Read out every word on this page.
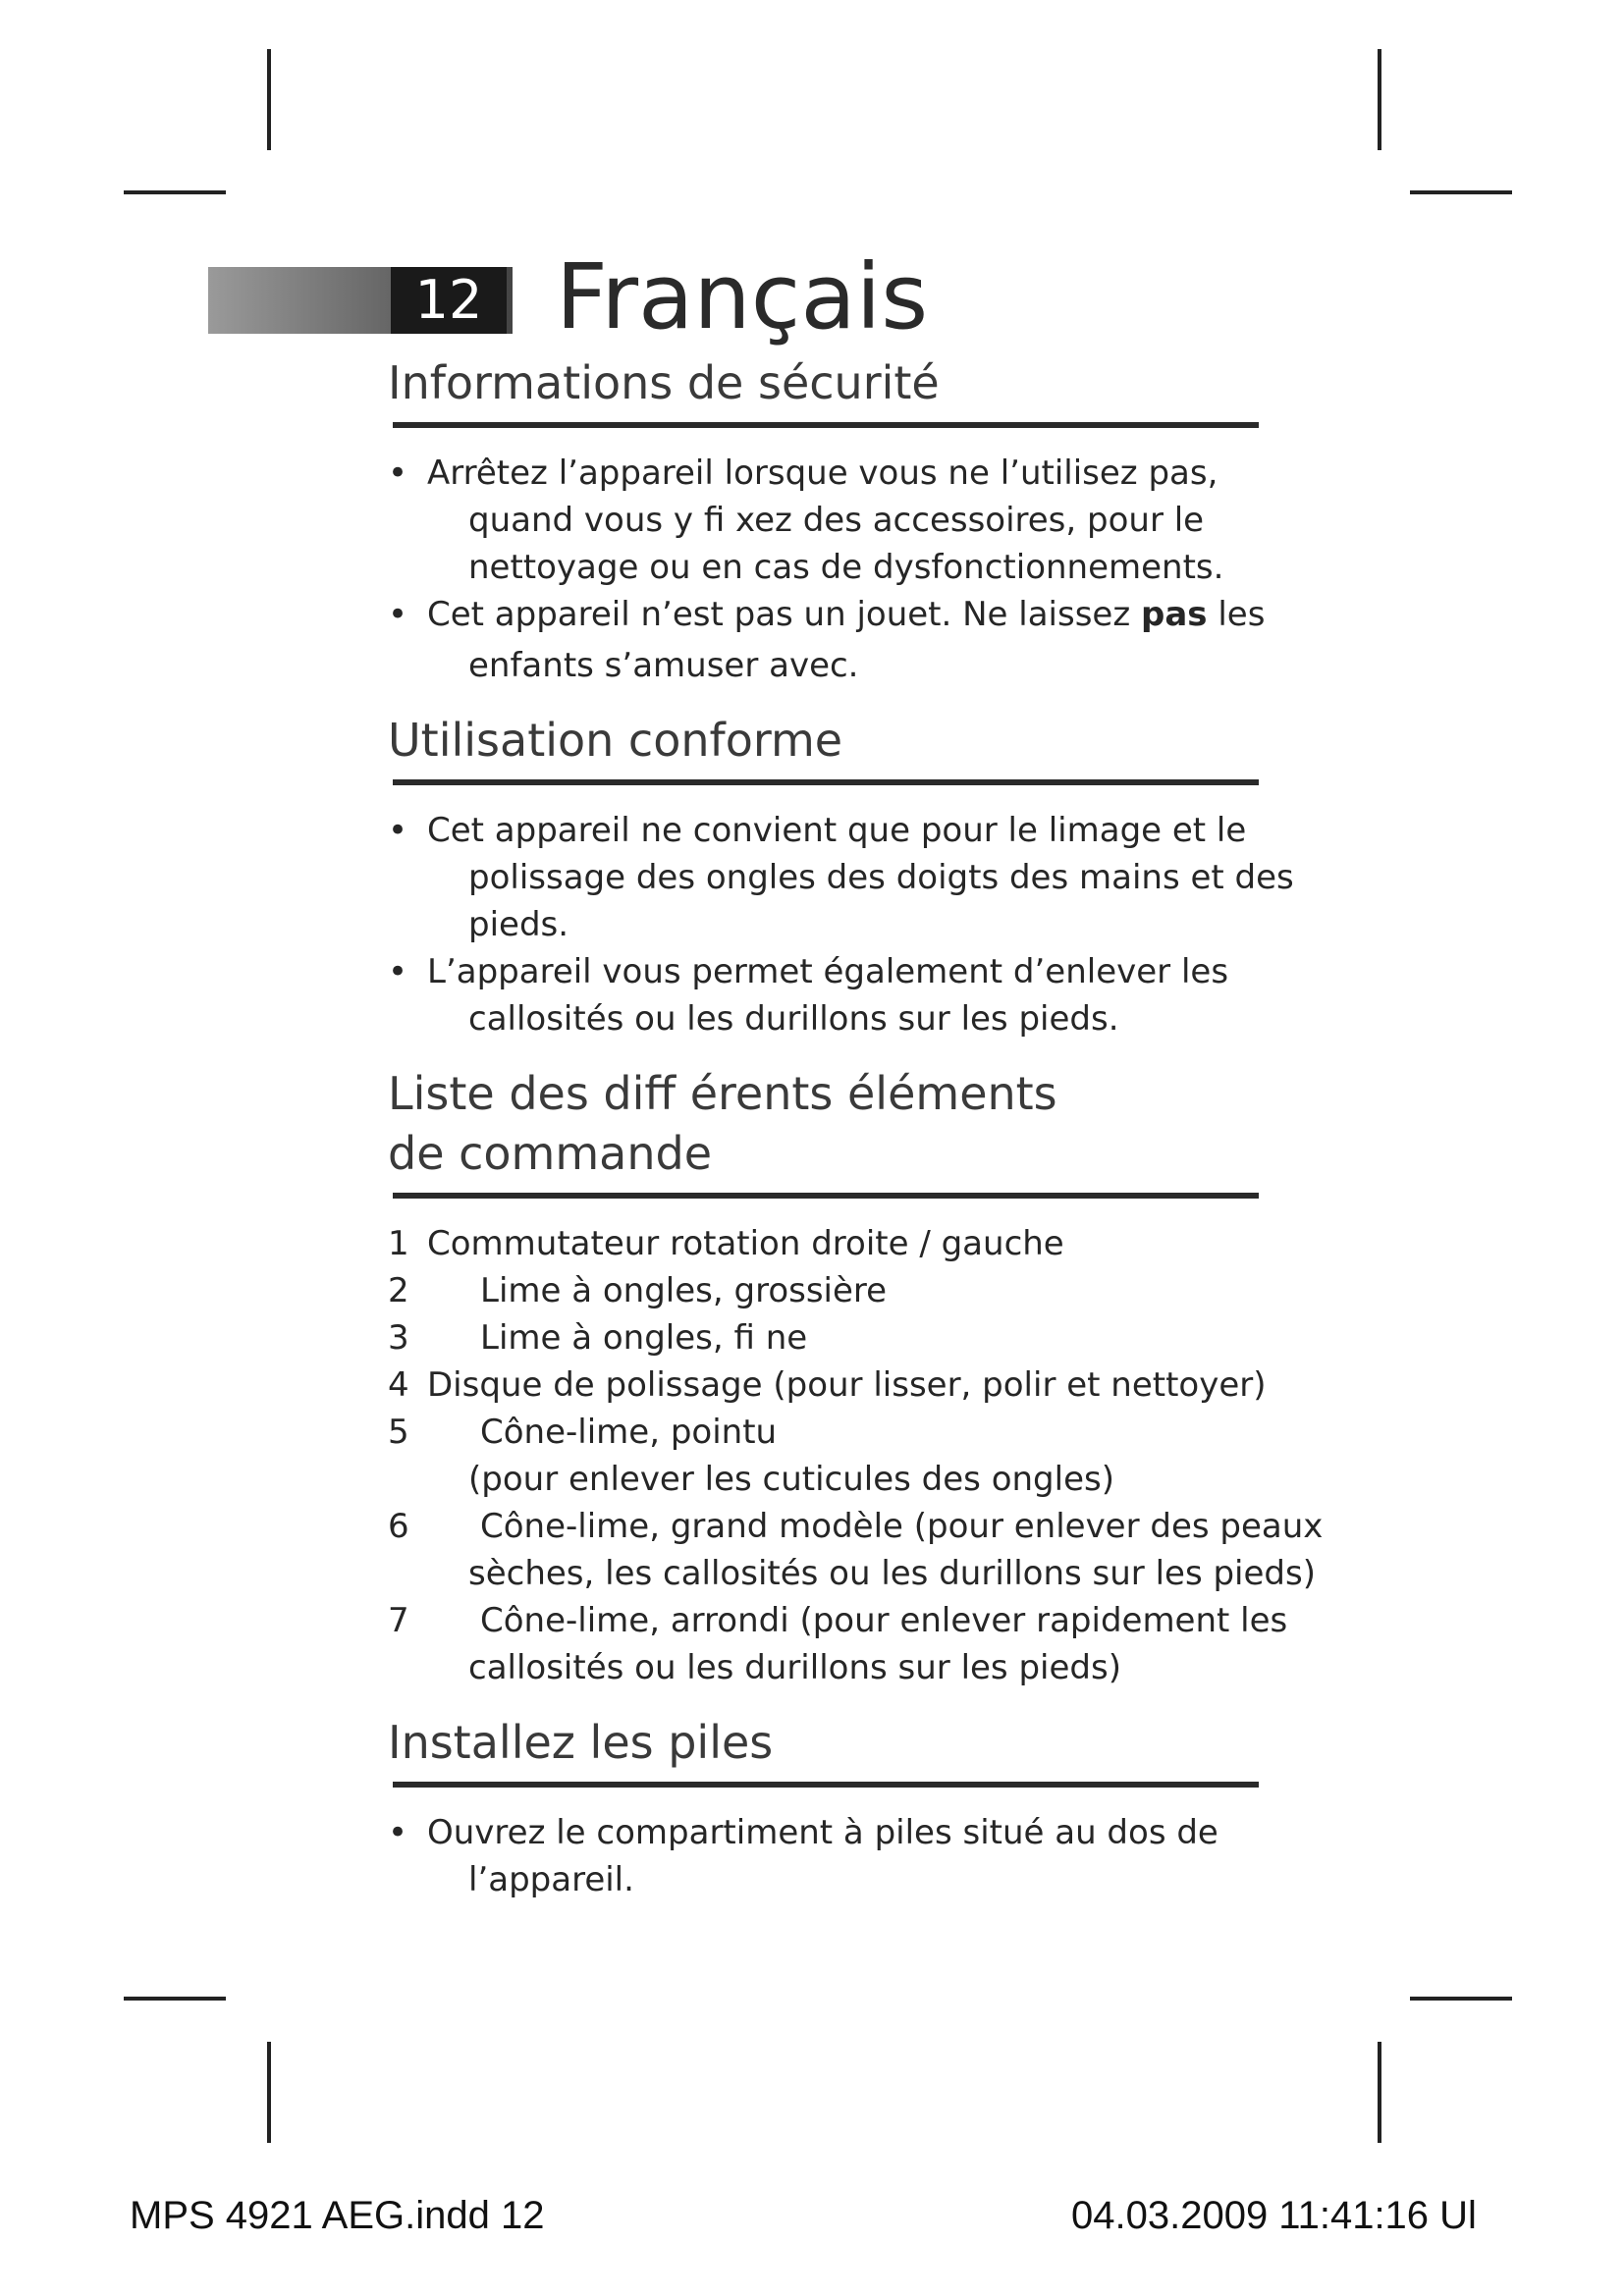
12 Français
Informations de sécurité
• Arrêtez l’appareil lorsque vous ne l’utilisez pas,
quand vous y fi xez des accessoires, pour le
nettoyage ou en cas de dysfonctionnements.
• Cet appareil n’est pas un jouet. Ne laissez pas les
enfants s’amuser avec.
Utilisation conforme
• Cet appareil ne convient que pour le limage et le
polissage des ongles des doigts des mains et des
pieds.
• L’appareil vous permet également d’enlever les
callosités ou les durillons sur les pieds.
Liste des diff érents éléments
de commande
1 Commutateur rotation droite / gauche
2	Lime à ongles, grossière
3	Lime à ongles, fi ne
4 Disque de polissage (pour lisser, polir et nettoyer)
5	Cône-lime, pointu
(pour enlever les cuticules des ongles)
6	Cône-lime, grand modèle (pour enlever des peaux
sèches, les callosités ou les durillons sur les pieds)
7	Cône-lime, arrondi (pour enlever rapidement les
callosités ou les durillons sur les pieds)
Installez les piles
• Ouvrez le compartiment à piles situé au dos de
l’appareil.
MPS 4921 AEG.indd 12	04.03.2009 11:41:16 Ul
